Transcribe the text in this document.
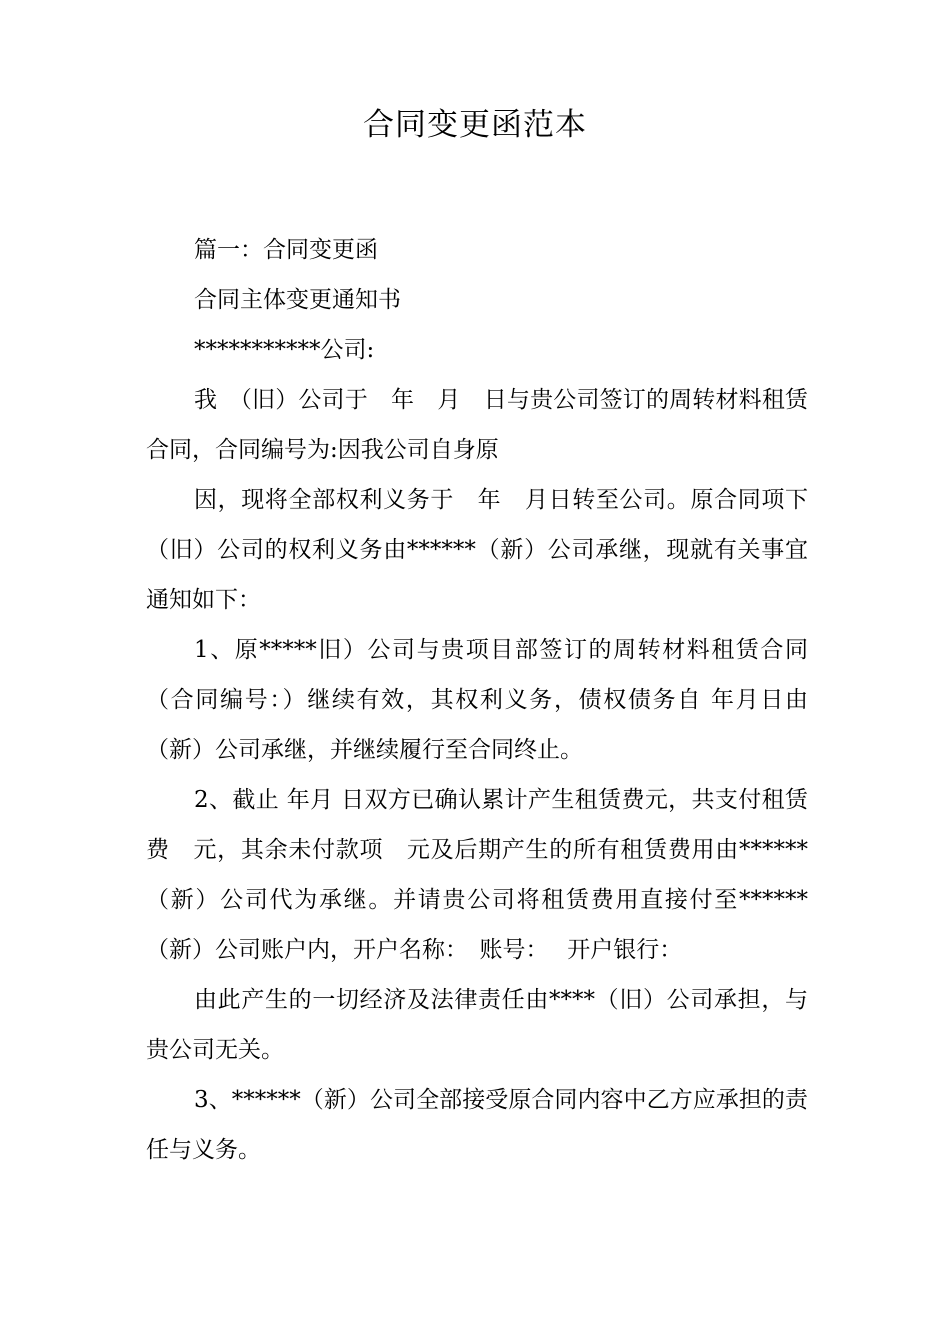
合同变更函范本

篇一：合同变更函

合同主体变更通知书

***********公司:

我　（旧）公司于　年　月　日与贵公司签订的周转材料租赁合同，合同编号为:因我公司自身原

因，现将全部权利义务于　年　月日转至公司。原合同项下（旧）公司的权利义务由******（新）公司承继，现就有关事宜通知如下：

1、原*****旧）公司与贵项目部签订的周转材料租赁合同（合同编号：）继续有效，其权利义务，债权债务自 年月日由（新）公司承继，并继续履行至合同终止。

2、截止 年月 日双方已确认累计产生租赁费元，共支付租赁费　元，其余未付款项　元及后期产生的所有租赁费用由******（新）公司代为承继。并请贵公司将租赁费用直接付至******（新）公司账户内，开户名称：　账号：　 开户银行：

由此产生的一切经济及法律责任由****（旧）公司承担，与贵公司无关。

3、******（新）公司全部接受原合同内容中乙方应承担的责任与义务。
